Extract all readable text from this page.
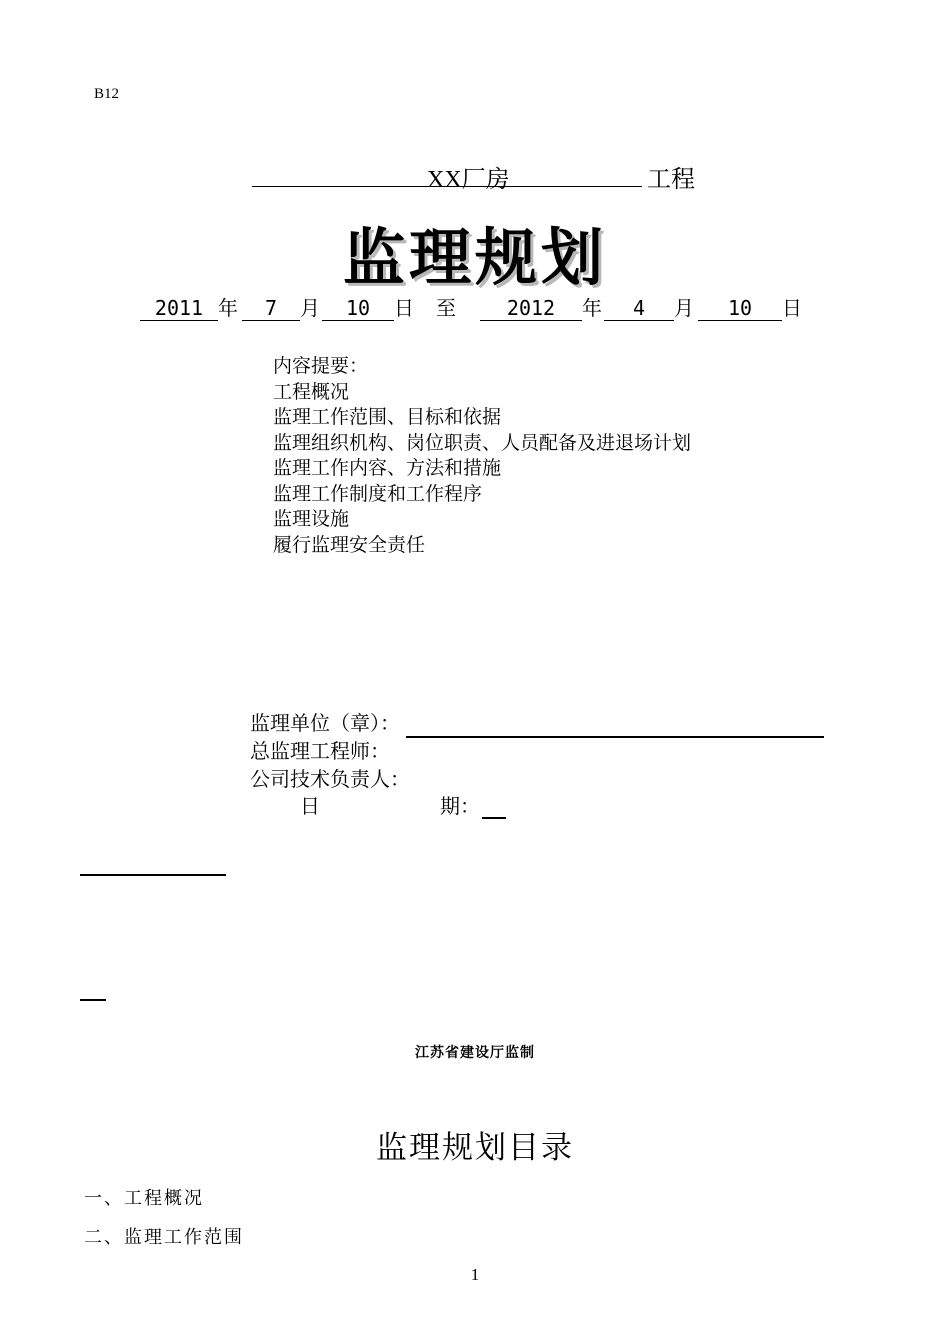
B12
XX厂房	工程
监理规划
2011 年 7 月 10 日 至	2012 年 4 月 10 日
内容提要：
工程概况
监理工作范围、目标和依据
监理组织机构、岗位职责、人员配备及进退场计划
监理工作内容、方法和措施
监理工作制度和工作程序
监理设施
履行监理安全责任
监理单位（章）：
总监理工程师：
公司技术负责人：
日	期：
江苏省建设厅监制
监理规划目录
一、工程概况
二、监理工作范围
1
